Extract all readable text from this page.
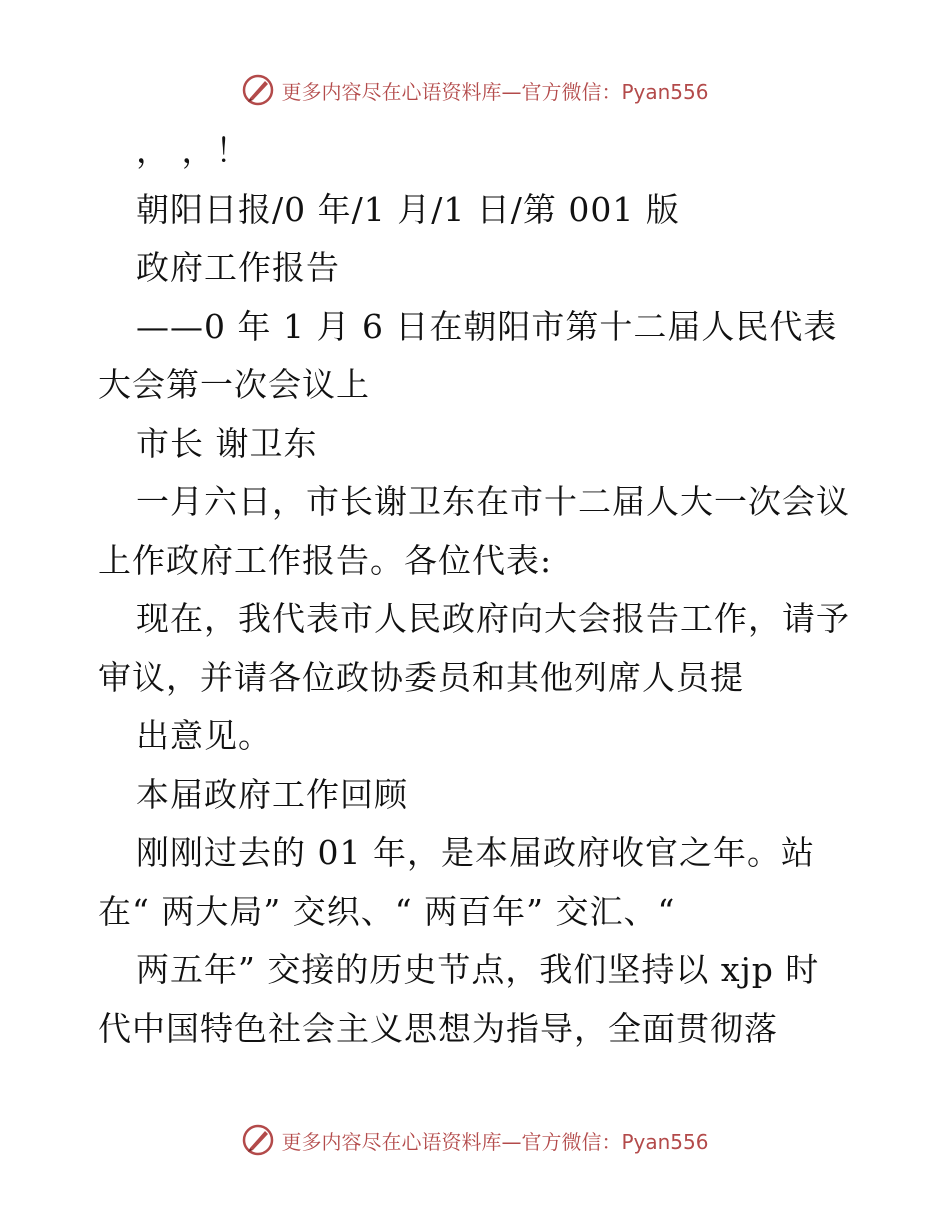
更多内容尽在心语资料库—官方微信：Pyan556
， ，！
朝阳日报/0 年/1 月/1 日/第 001 版
政府工作报告
——0 年 1 月 6 日在朝阳市第十二届人民代表
大会第一次会议上
市长 谢卫东
一月六日，市长谢卫东在市十二届人大一次会议
上作政府工作报告。各位代表:
现在，我代表市人民政府向大会报告工作，请予
审议，并请各位政协委员和其他列席人员提
出意见。
本届政府工作回顾
刚刚过去的 01 年，是本届政府收官之年。站
在“ 两大局” 交织、“ 两百年” 交汇、“
两五年” 交接的历史节点，我们坚持以 xjp 时
代中国特色社会主义思想为指导，全面贯彻落
更多内容尽在心语资料库—官方微信：Pyan556
